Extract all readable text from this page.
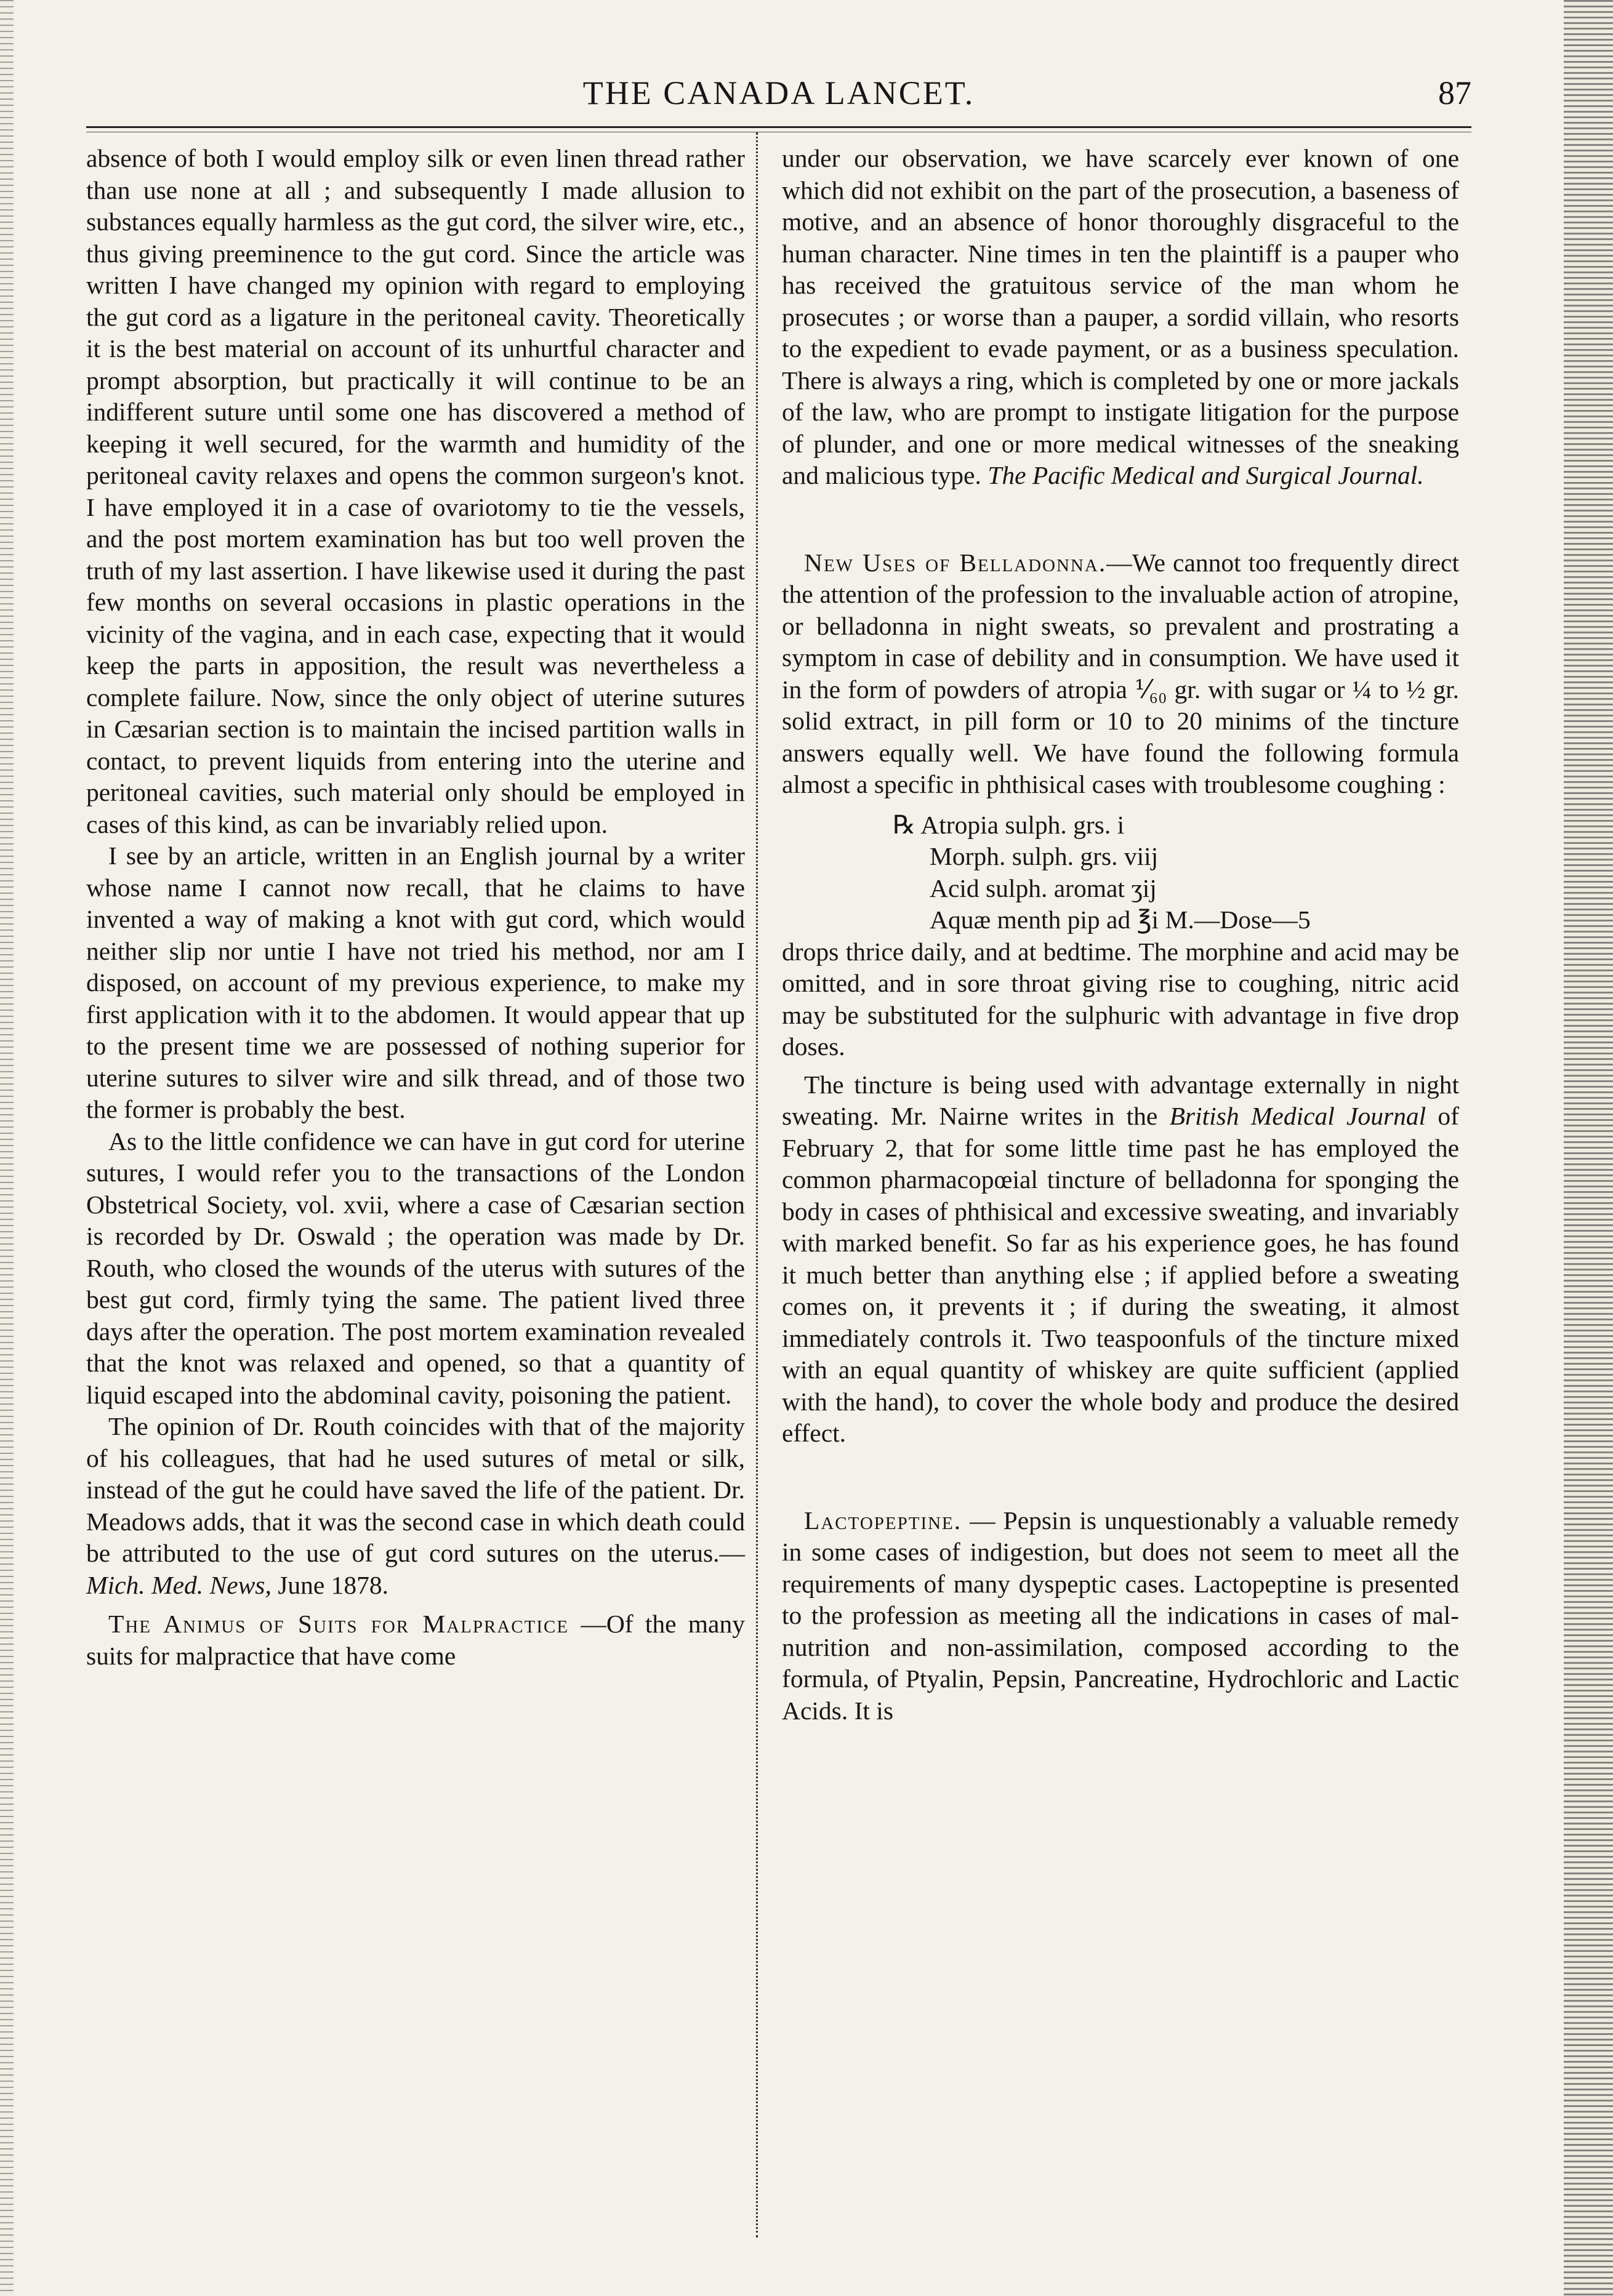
THE CANADA LANCET.	87

absence of both I would employ silk or even linen thread rather than use none at all ; and subsequently I made allusion to substances equally harmless as the gut cord, the silver wire, etc., thus giving preeminence to the gut cord. Since the article was written I have changed my opinion with regard to employing the gut cord as a ligature in the peritoneal cavity. Theoretically it is the best material on account of its unhurtful character and prompt absorption, but practically it will continue to be an indifferent suture until some one has discovered a method of keeping it well secured, for the warmth and humidity of the peritoneal cavity relaxes and opens the common surgeon's knot. I have employed it in a case of ovariotomy to tie the vessels, and the post mortem examination has but too well proven the truth of my last assertion. I have likewise used it during the past few months on several occasions in plastic operations in the vicinity of the vagina, and in each case, expecting that it would keep the parts in apposition, the result was nevertheless a complete failure. Now, since the only object of uterine sutures in Cæsarian section is to maintain the incised partition walls in contact, to prevent liquids from entering into the uterine and peritoneal cavities, such material only should be employed in cases of this kind, as can be invariably relied upon.

I see by an article, written in an English journal by a writer whose name I cannot now recall, that he claims to have invented a way of making a knot with gut cord, which would neither slip nor untie I have not tried his method, nor am I disposed, on account of my previous experience, to make my first application with it to the abdomen. It would appear that up to the present time we are possessed of nothing superior for uterine sutures to silver wire and silk thread, and of those two the former is probably the best.

As to the little confidence we can have in gut cord for uterine sutures, I would refer you to the transactions of the London Obstetrical Society, vol. xvii, where a case of Cæsarian section is recorded by Dr. Oswald ; the operation was made by Dr. Routh, who closed the wounds of the uterus with sutures of the best gut cord, firmly tying the same. The patient lived three days after the operation. The post mortem examination revealed that the knot was relaxed and opened, so that a quantity of liquid escaped into the abdominal cavity, poisoning the patient.

The opinion of Dr. Routh coincides with that of the majority of his colleagues, that had he used sutures of metal or silk, instead of the gut he could have saved the life of the patient. Dr. Meadows adds, that it was the second case in which death could be attributed to the use of gut cord sutures on the uterus.—Mich. Med. News, June 1878.

The Animus of Suits for Malpractice —Of the many suits for malpractice that have come

under our observation, we have scarcely ever known of one which did not exhibit on the part of the prosecution, a baseness of motive, and an absence of honor thoroughly disgraceful to the human character. Nine times in ten the plaintiff is a pauper who has received the gratuitous service of the man whom he prosecutes ; or worse than a pauper, a sordid villain, who resorts to the expedient to evade payment, or as a business speculation. There is always a ring, which is completed by one or more jackals of the law, who are prompt to instigate litigation for the purpose of plunder, and one or more medical witnesses of the sneaking and malicious type. The Pacific Medical and Surgical Journal.

New Uses of Belladonna.—We cannot too frequently direct the attention of the profession to the invaluable action of atropine, or belladonna in night sweats, so prevalent and prostrating a symptom in case of debility and in consumption. We have used it in the form of powders of atropia ⅟₆₀ gr. with sugar or ¼ to ½ gr. solid extract, in pill form or 10 to 20 minims of the tincture answers equally well. We have found the following formula almost a specific in phthisical cases with troublesome coughing :

℞ Atropia sulph. grs. i
Morph. sulph. grs. viij
Acid sulph. aromat ʒij
Aquæ menth pip ad ℥i M.—Dose—5

drops thrice daily, and at bedtime. The morphine and acid may be omitted, and in sore throat giving rise to coughing, nitric acid may be substituted for the sulphuric with advantage in five drop doses.

The tincture is being used with advantage externally in night sweating. Mr. Nairne writes in the British Medical Journal of February 2, that for some little time past he has employed the common pharmacopœial tincture of belladonna for sponging the body in cases of phthisical and excessive sweating, and invariably with marked benefit. So far as his experience goes, he has found it much better than anything else ; if applied before a sweating comes on, it prevents it ; if during the sweating, it almost immediately controls it. Two teaspoonfuls of the tincture mixed with an equal quantity of whiskey are quite sufficient (applied with the hand), to cover the whole body and produce the desired effect.

Lactopeptine. — Pepsin is unquestionably a valuable remedy in some cases of indigestion, but does not seem to meet all the requirements of many dyspeptic cases. Lactopeptine is presented to the profession as meeting all the indications in cases of mal-nutrition and non-assimilation, composed according to the formula, of Ptyalin, Pepsin, Pancreatine, Hydrochloric and Lactic Acids. It is
